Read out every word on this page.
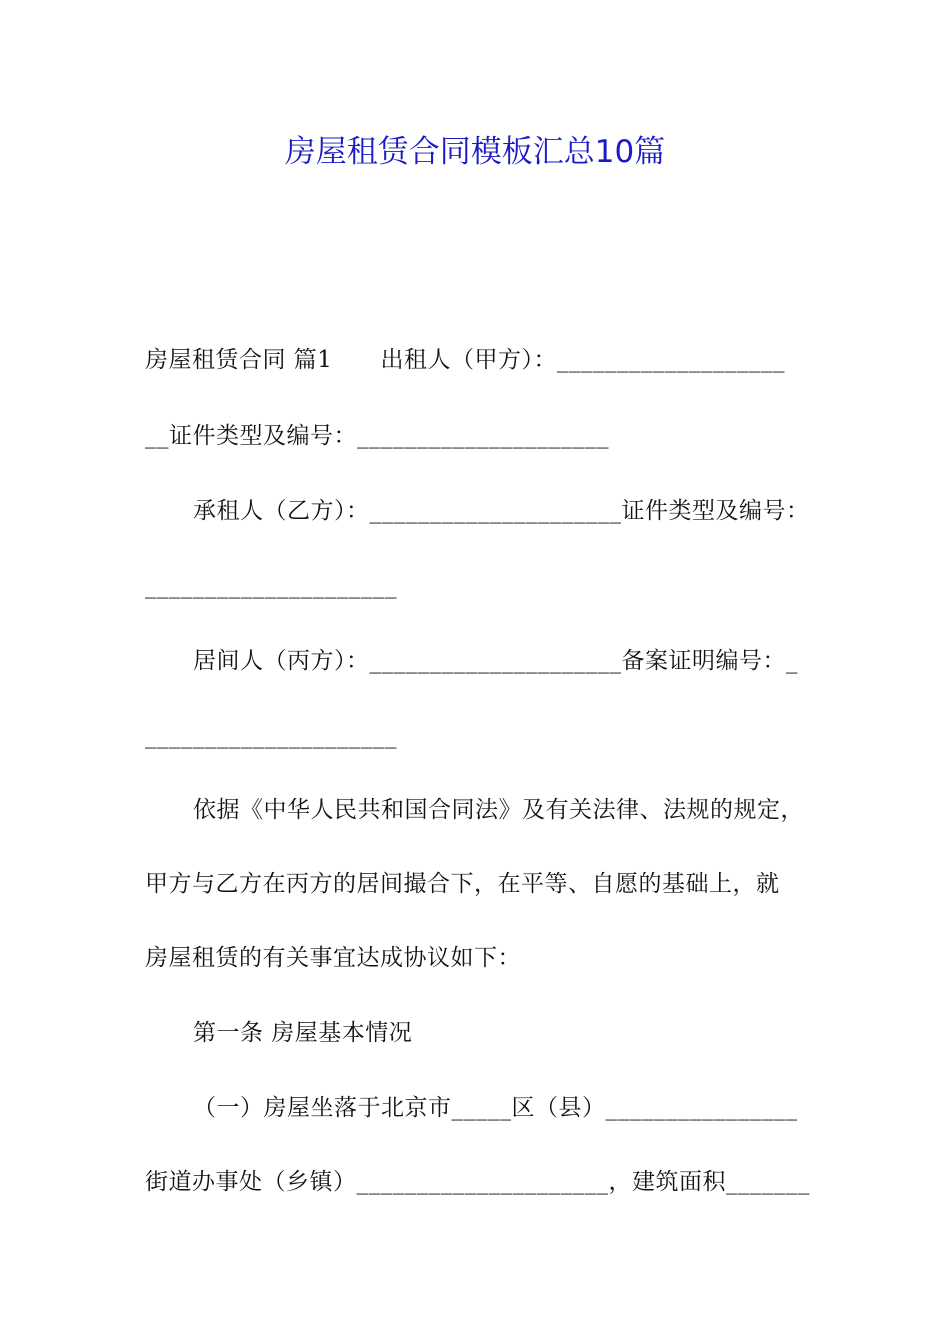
房屋租赁合同模板汇总10篇
房屋租赁合同 篇1 出租人（甲方）：___________________
__证件类型及编号：_____________________
承租人（乙方）：_____________________证件类型及编号：
_____________________
居间人（丙方）：_____________________备案证明编号：_
_____________________
依据《中华人民共和国合同法》及有关法律、法规的规定，
甲方与乙方在丙方的居间撮合下，在平等、自愿的基础上，就
房屋租赁的有关事宜达成协议如下：
第一条 房屋基本情况
（一）房屋坐落于北京市_____区（县）________________
街道办事处（乡镇）_____________________，建筑面积_______
